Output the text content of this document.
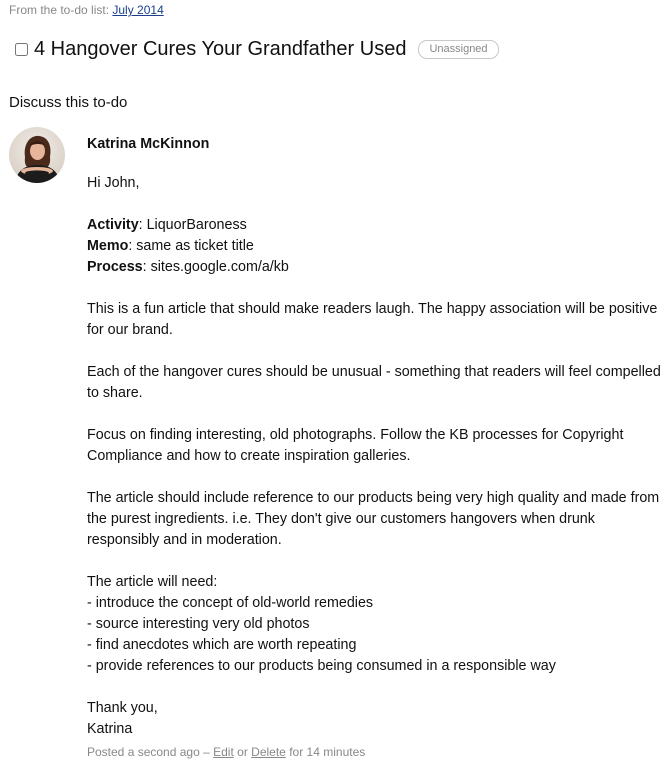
From the to-do list: July 2014
4 Hangover Cures Your Grandfather Used	Unassigned
Discuss this to-do
Katrina McKinnon

Hi John,

Activity: LiquorBaroness
Memo: same as ticket title
Process: sites.google.com/a/kb

This is a fun article that should make readers laugh. The happy association will be positive for our brand.

Each of the hangover cures should be unusual - something that readers will feel compelled to share.

Focus on finding interesting, old photographs. Follow the KB processes for Copyright Compliance and how to create inspiration galleries.

The article should include reference to our products being very high quality and made from the purest ingredients. i.e. They don't give our customers hangovers when drunk responsibly and in moderation.

The article will need:
- introduce the concept of old-world remedies
- source interesting very old photos
- find anecdotes which are worth repeating
- provide references to our products being consumed in a responsible way

Thank you,
Katrina

Posted a second ago – Edit or Delete for 14 minutes
